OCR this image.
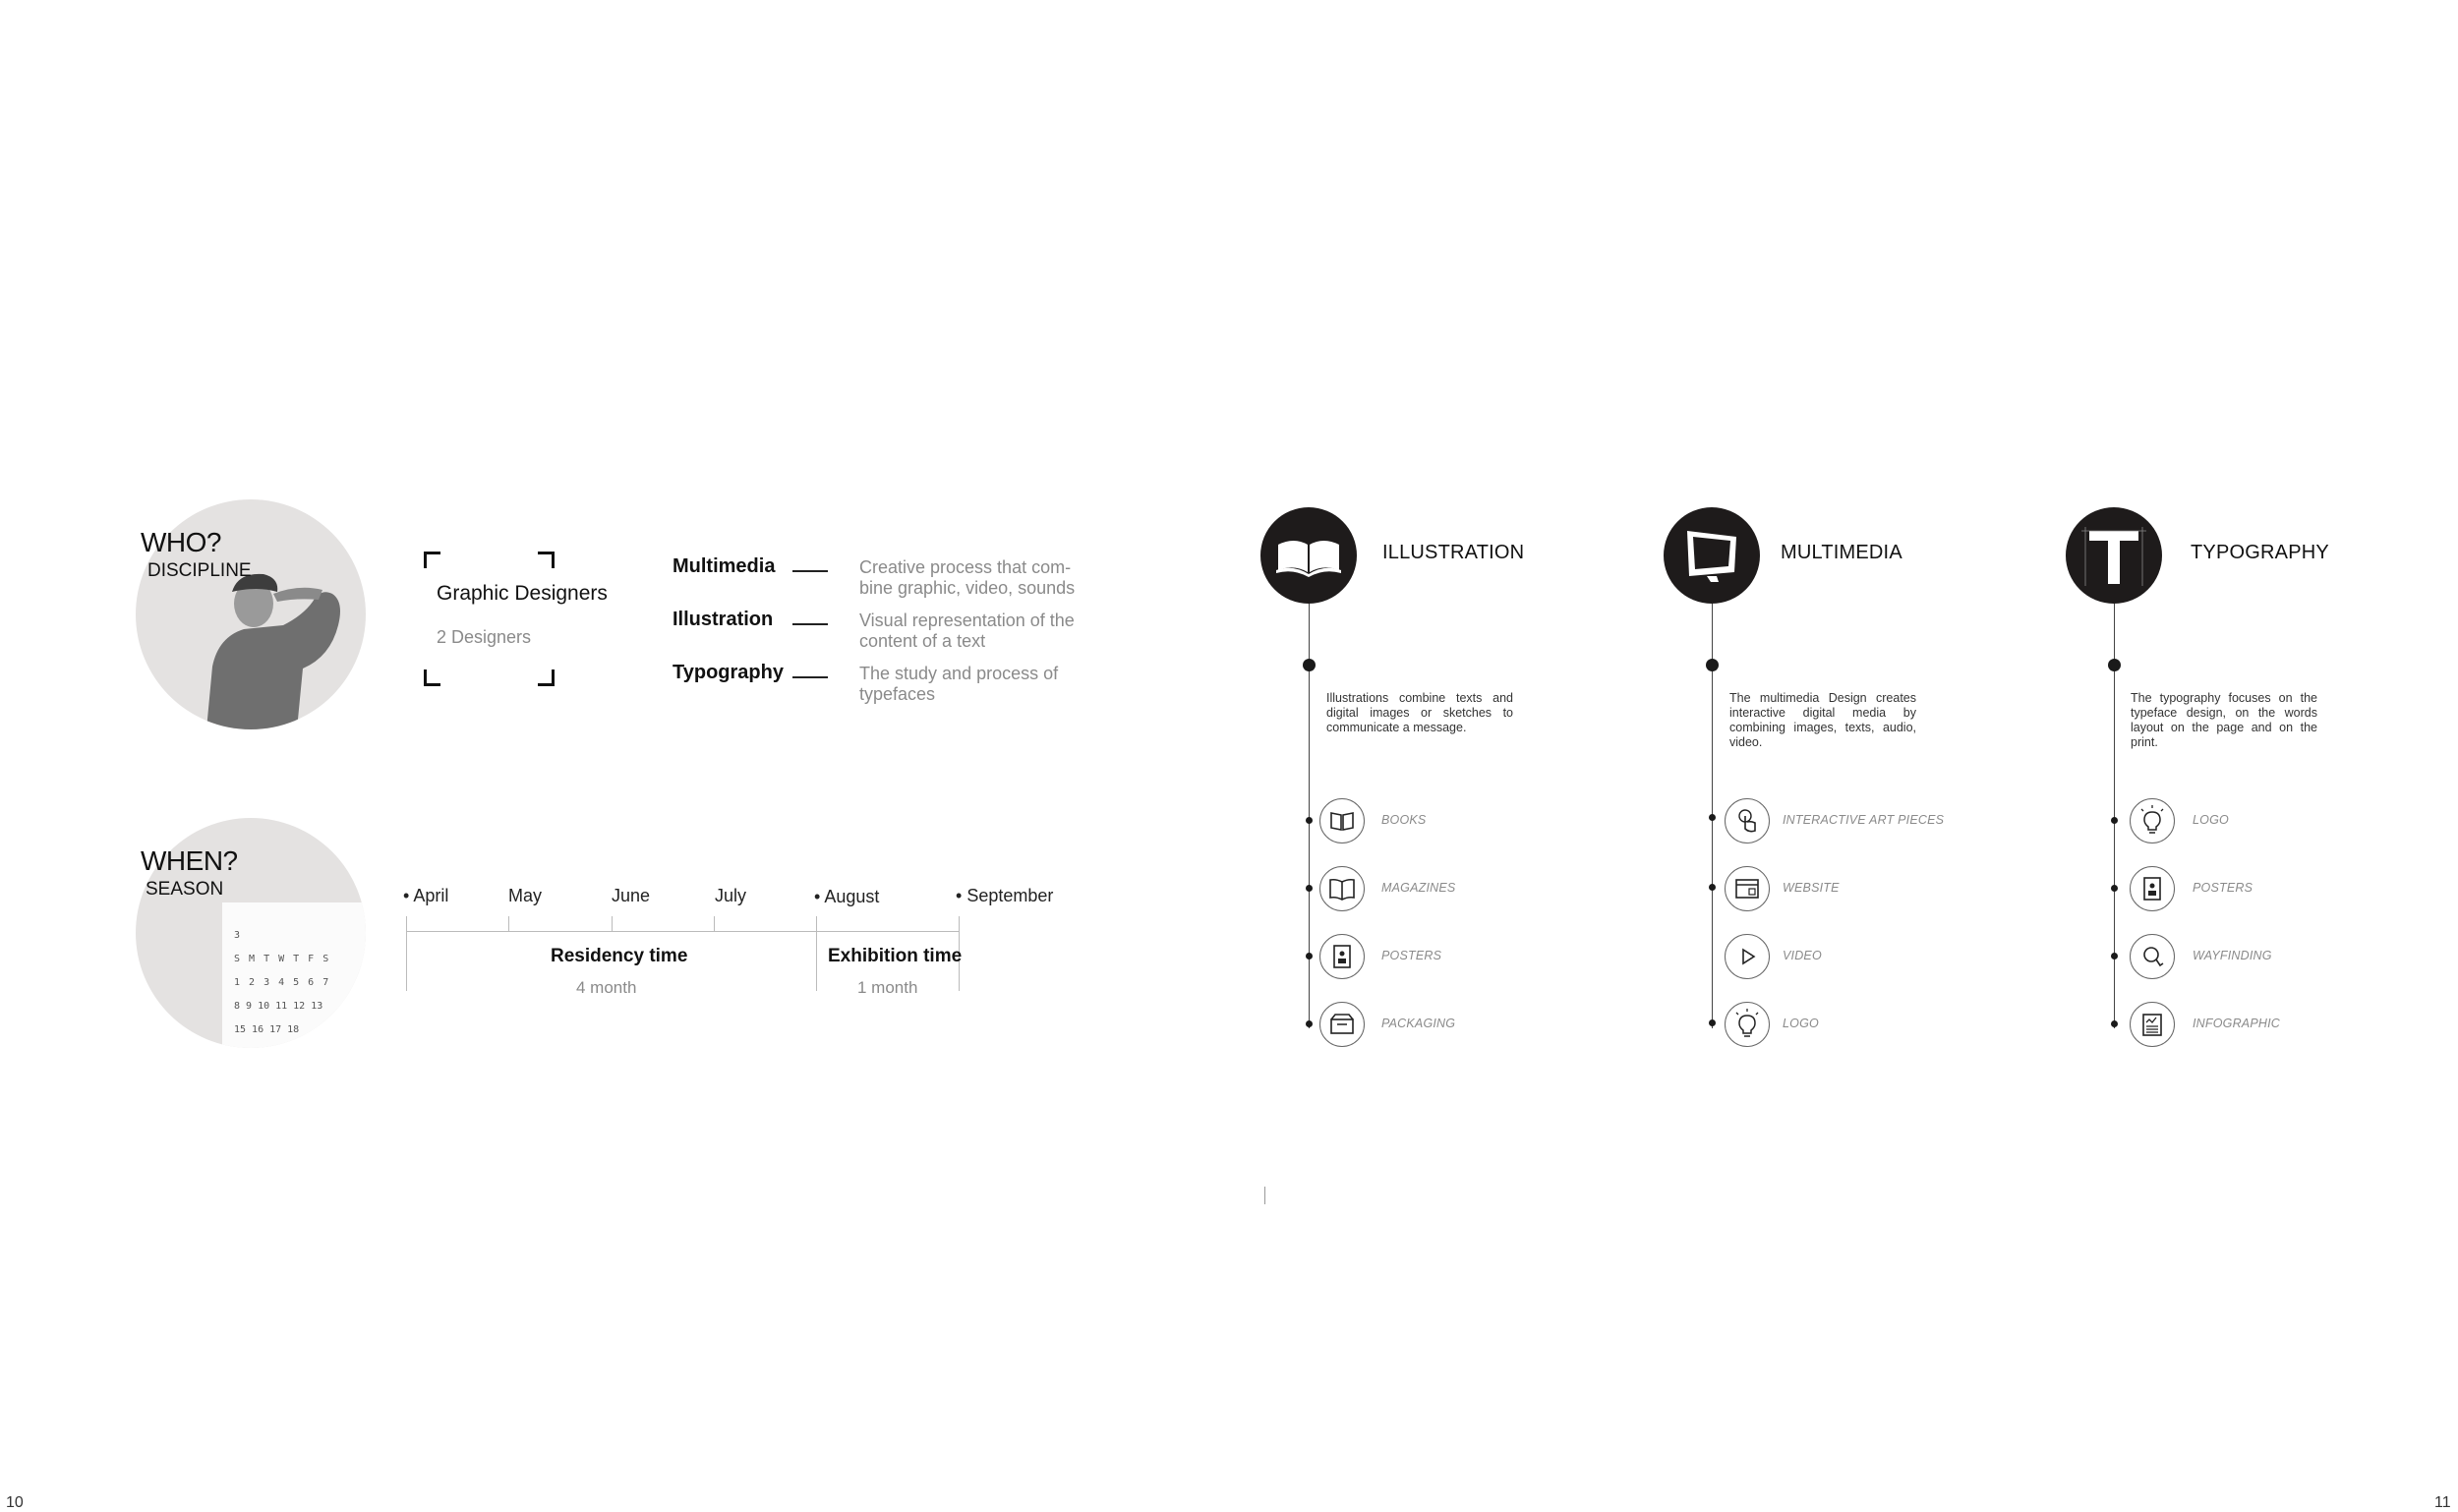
WHO?
DISCIPLINE
Graphic Designers
2 Designers
Multimedia	Creative process that com-bine graphic, video, sounds
Illustration	Visual representation of the content of a text
Typography	The study and process of typefaces
3
S M T W T F S
1 2 3 4 5 6 7
8 9 10 11 12 13
15 16 17 18
WHEN?
SEASON	• April	May	June	July	• August	• September
Residency time
4 month
Exhibition time
1 month
ILLUSTRATION
Illustrations combine texts and digital images or sketches to communicate a message.
BOOKS
MAGAZINES
POSTERS
PACKAGING
MULTIMEDIA
The multimedia Design creates interactive digital media by combining images, texts, audio, video.
INTERACTIVE ART PIECES
WEBSITE
VIDEO
LOGO
TYPOGRAPHY
The typography focuses on the typeface design, on the words layout on the page and on the print.
LOGO
POSTERS
WAYFINDING
INFOGRAPHIC
10	11
